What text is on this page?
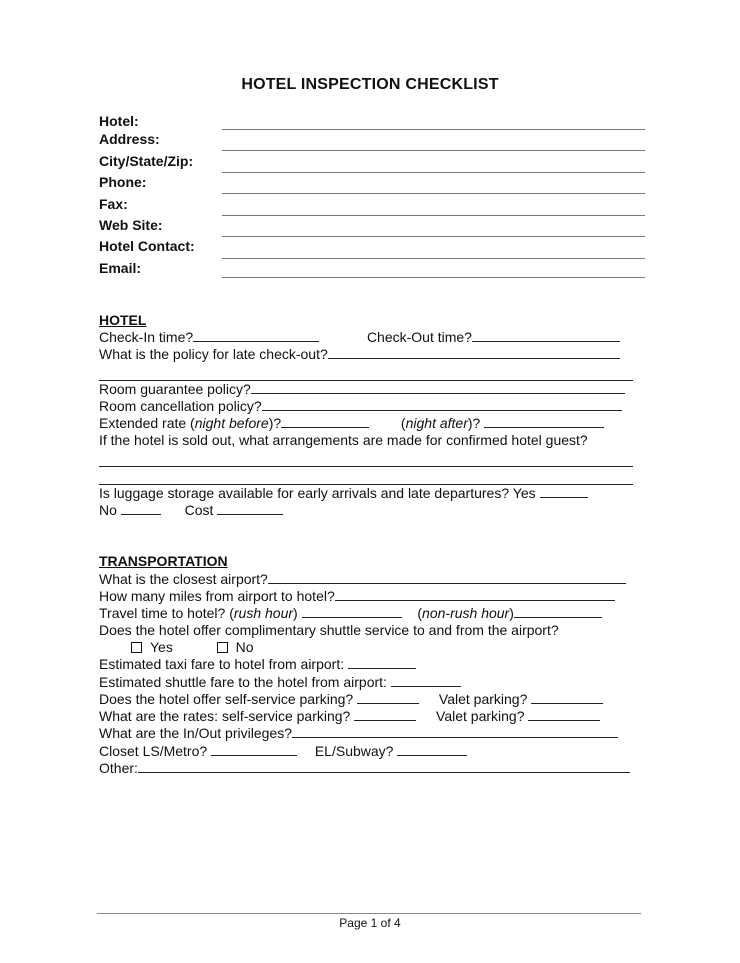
HOTEL INSPECTION CHECKLIST
Hotel:
Address:
City/State/Zip:
Phone:
Fax:
Web Site:
Hotel Contact:
Email:
HOTEL
Check-In time?	Check-Out time?
What is the policy for late check-out?
Room guarantee policy?
Room cancellation policy?
Extended rate (night before)?	(night after)?
If the hotel is sold out, what arrangements are made for confirmed hotel guest?
Is luggage storage available for early arrivals and late departures? Yes
No	Cost
TRANSPORTATION
What is the closest airport?
How many miles from airport to hotel?
Travel time to hotel? (rush hour)	(non-rush hour)
Does the hotel offer complimentary shuttle service to and from the airport?
Yes	No
Estimated taxi fare to hotel from airport:
Estimated shuttle fare to the hotel from airport:
Does the hotel offer self-service parking?	Valet parking?
What are the rates: self-service parking?	Valet parking?
What are the In/Out privileges?
Closet LS/Metro?	EL/Subway?
Other:
Page 1 of 4
